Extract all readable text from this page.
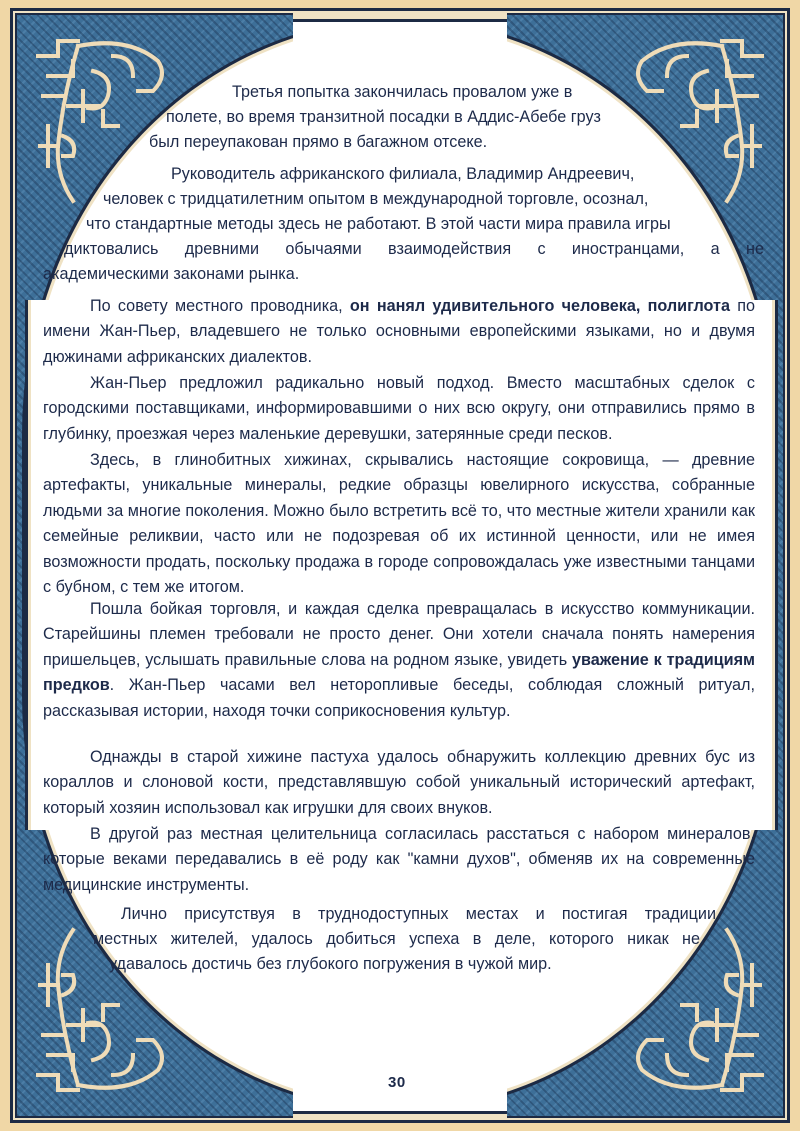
Третья попытка закончилась провалом уже в
полете, во время транзитной посадки в Аддис-Абебе груз
был переупакован прямо в багажном отсеке.
Руководитель африканского филиала, Владимир Андреевич,
человек с тридцатилетним опытом в международной торговле, осознал,
что стандартные методы здесь не работают. В этой части мира правила игры
диктовались древними обычаями взаимодействия с иностранцами, а не
академическими законами рынка.

По совету местного проводника, он нанял удивительного человека, полиглота по имени Жан-Пьер, владевшего не только основными европейскими языками, но и двумя дюжинами африканских диалектов.

Жан-Пьер предложил радикально новый подход. Вместо масштабных сделок с городскими поставщиками, информировавшими о них всю округу, они отправились прямо в глубинку, проезжая через маленькие деревушки, затерянные среди песков.

Здесь, в глинобитных хижинах, скрывались настоящие сокровища, — древние артефакты, уникальные минералы, редкие образцы ювелирного искусства, собранные людьми за многие поколения. Можно было встретить всё то, что местные жители хранили как семейные реликвии, часто или не подозревая об их истинной ценности, или не имея возможности продать, поскольку продажа в городе сопровождалась уже известными танцами с бубном, с тем же итогом.

Пошла бойкая торговля, и каждая сделка превращалась в искусство коммуникации. Старейшины племен требовали не просто денег. Они хотели сначала понять намерения пришельцев, услышать правильные слова на родном языке, увидеть уважение к традициям предков. Жан-Пьер часами вел неторопливые беседы, соблюдая сложный ритуал, рассказывая истории, находя точки соприкосновения культур.

Однажды в старой хижине пастуха удалось обнаружить коллекцию древних бус из кораллов и слоновой кости, представлявшую собой уникальный исторический артефакт, который хозяин использовал как игрушки для своих внуков.

В другой раз местная целительница согласилась расстаться с набором минералов, которые веками передавались в её роду как "камни духов", обменяв их на современные медицинские инструменты.

Лично присутствуя в труднодоступных местах и постигая традиции
местных жителей, удалось добиться успеха в деле, которого никак не
удавалось достичь без глубокого погружения в чужой мир.
30
